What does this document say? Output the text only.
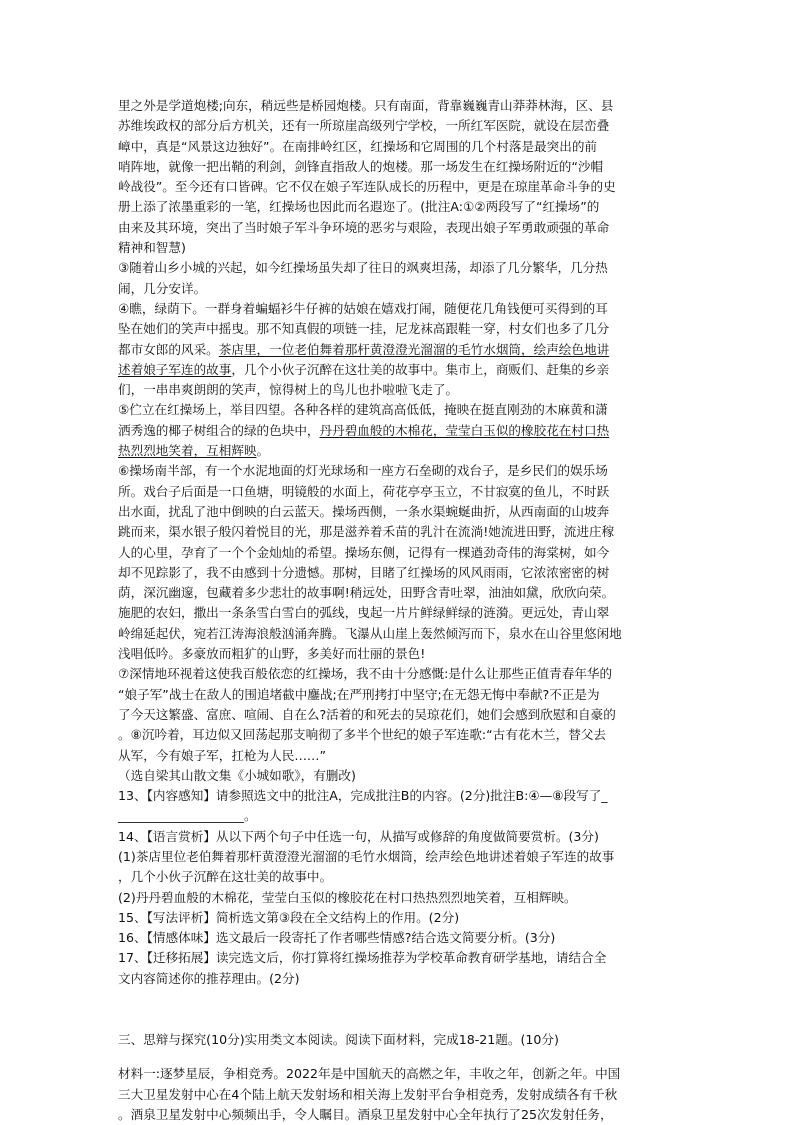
里之外是学道炮楼;向东，稍远些是桥园炮楼。只有南面，背靠巍巍青山莽莽林海，区、县
苏维埃政权的部分后方机关，还有一所琼崖高级列宁学校，一所红军医院，就设在层峦叠
嶂中，真是“风景这边独好”。在南排岭红区，红操场和它周围的几个村落是最突出的前
哨阵地，就像一把出鞘的利剑，剑锋直指敌人的炮楼。那一场发生在红操场附近的“沙帽
岭战役”。至今还有口皆碑。它不仅在娘子军连队成长的历程中，更是在琼崖革命斗争的史
册上添了浓墨重彩的一笔，红操场也因此而名遐迩了。(批注A:①②两段写了“红操场”的
由来及其环境，突出了当时娘子军斗争环境的恶劣与艰险，表现出娘子军勇敢顽强的革命
精神和智慧)
③随着山乡小城的兴起，如今红操场虽失却了往日的飒爽坦荡，却添了几分繁华，几分热
闹，几分安详。
④瞧，绿荫下。一群身着蝙蝠衫牛仔裤的姑娘在嬉戏打闹，随便花几角钱便可买得到的耳
坠在她们的笑声中摇曳。那不知真假的项链一挂，尼龙袜高跟鞋一穿，村女们也多了几分
都市女郎的风采。茶店里，一位老伯舞着那杆黄澄澄光溜溜的毛竹水烟筒，绘声绘色地讲
述着娘子军连的故事，几个小伙子沉醉在这壮美的故事中。集市上，商贩们、赶集的乡亲
们，一串串爽朗朗的笑声，惊得树上的鸟儿也扑啦啦飞走了。
⑤伫立在红操场上，举目四望。各种各样的建筑高高低低，掩映在挺直刚劲的木麻黄和潇
洒秀逸的椰子树组合的绿的色块中，丹丹碧血般的木棉花，莹莹白玉似的橡胶花在村口热
热烈烈地笑着，互相辉映。
⑥操场南半部，有一个水泥地面的灯光球场和一座方石垒砌的戏台子，是乡民们的娱乐场
所。戏台子后面是一口鱼塘，明镜般的水面上，荷花亭亭玉立，不甘寂寞的鱼儿，不时跃
出水面，扰乱了池中倒映的白云蓝天。操场西侧，一条水渠蜿蜒曲折，从西南面的山坡奔
跳而来，渠水银子般闪着悦目的光，那是滋养着禾苗的乳汁在流淌!她流进田野，流进庄稼
人的心里，孕育了一个个金灿灿的希望。操场东侧，记得有一棵遒劲奇伟的海棠树，如今
却不见踪影了，我不由感到十分遗憾。那树，目睹了红操场的风风雨雨，它浓浓密密的树
荫，深沉幽邃，包藏着多少悲壮的故事啊!稍远处，田野含青吐翠，油油如黛，欣欣向荣。
施肥的农妇，撒出一条条雪白雪白的弧线，曳起一片片鲜绿鲜绿的涟漪。更远处，青山翠
岭绵延起伏，宛若江涛海浪般汹涌奔腾。飞瀑从山崖上轰然倾泻而下，泉水在山谷里悠闲地
浅唱低吟。多豪放而粗犷的山野，多美好而壮丽的景色!
⑦深情地环视着这使我百般依恋的红操场，我不由十分感慨:是什么让那些正值青春年华的
“娘子军”战士在敌人的围追堵截中鏖战;在严刑拷打中坚守;在无怨无悔中奉献?不正是为
了今天这繁盛、富庶、喧闹、自在么?活着的和死去的吴琼花们，她们会感到欣慰和自豪的
。⑧沉吟着，耳边似又回荡起那支响彻了多半个世纪的娘子军连歌:“古有花木兰，替父去
从军，今有娘子军，扛枪为人民……”
（选自梁其山散文集《小城如歌》，有删改)
13、【内容感知】请参照选文中的批注A，完成批注B的内容。(2分)批注B:④—⑧段写了_
____________________。
14、【语言赏析】从以下两个句子中任选一句，从描写或修辞的角度做简要赏析。(3分)
(1)茶店里位老伯舞着那杆黄澄澄光溜溜的毛竹水烟筒，绘声绘色地讲述着娘子军连的故事
，几个小伙子沉醉在这壮美的故事中。
(2)丹丹碧血般的木棉花，莹莹白玉似的橡胶花在村口热热烈烈地笑着，互相辉映。
15、【写法评析】简析选文第③段在全文结构上的作用。(2分)
16、【情感体味】选文最后一段寄托了作者哪些情感?结合选文简要分析。(3分)
17、【迁移拓展】读完选文后，你打算将红操场推荐为学校革命教育研学基地，请结合全
文内容简述你的推荐理由。(2分)
三、思辩与探究(10分)实用类文本阅读。阅读下面材料，完成18-21题。(10分)
材料一:逐梦星辰，争相竞秀。2022年是中国航天的高燃之年，丰收之年，创新之年。中国
三大卫星发射中心在4个陆上航天发射场和相关海上发射平台争相竞秀，发射成绩各有千秋
。酒泉卫星发射中心频频出手，令人瞩目。酒泉卫星发射中心全年执行了25次发射任务，
